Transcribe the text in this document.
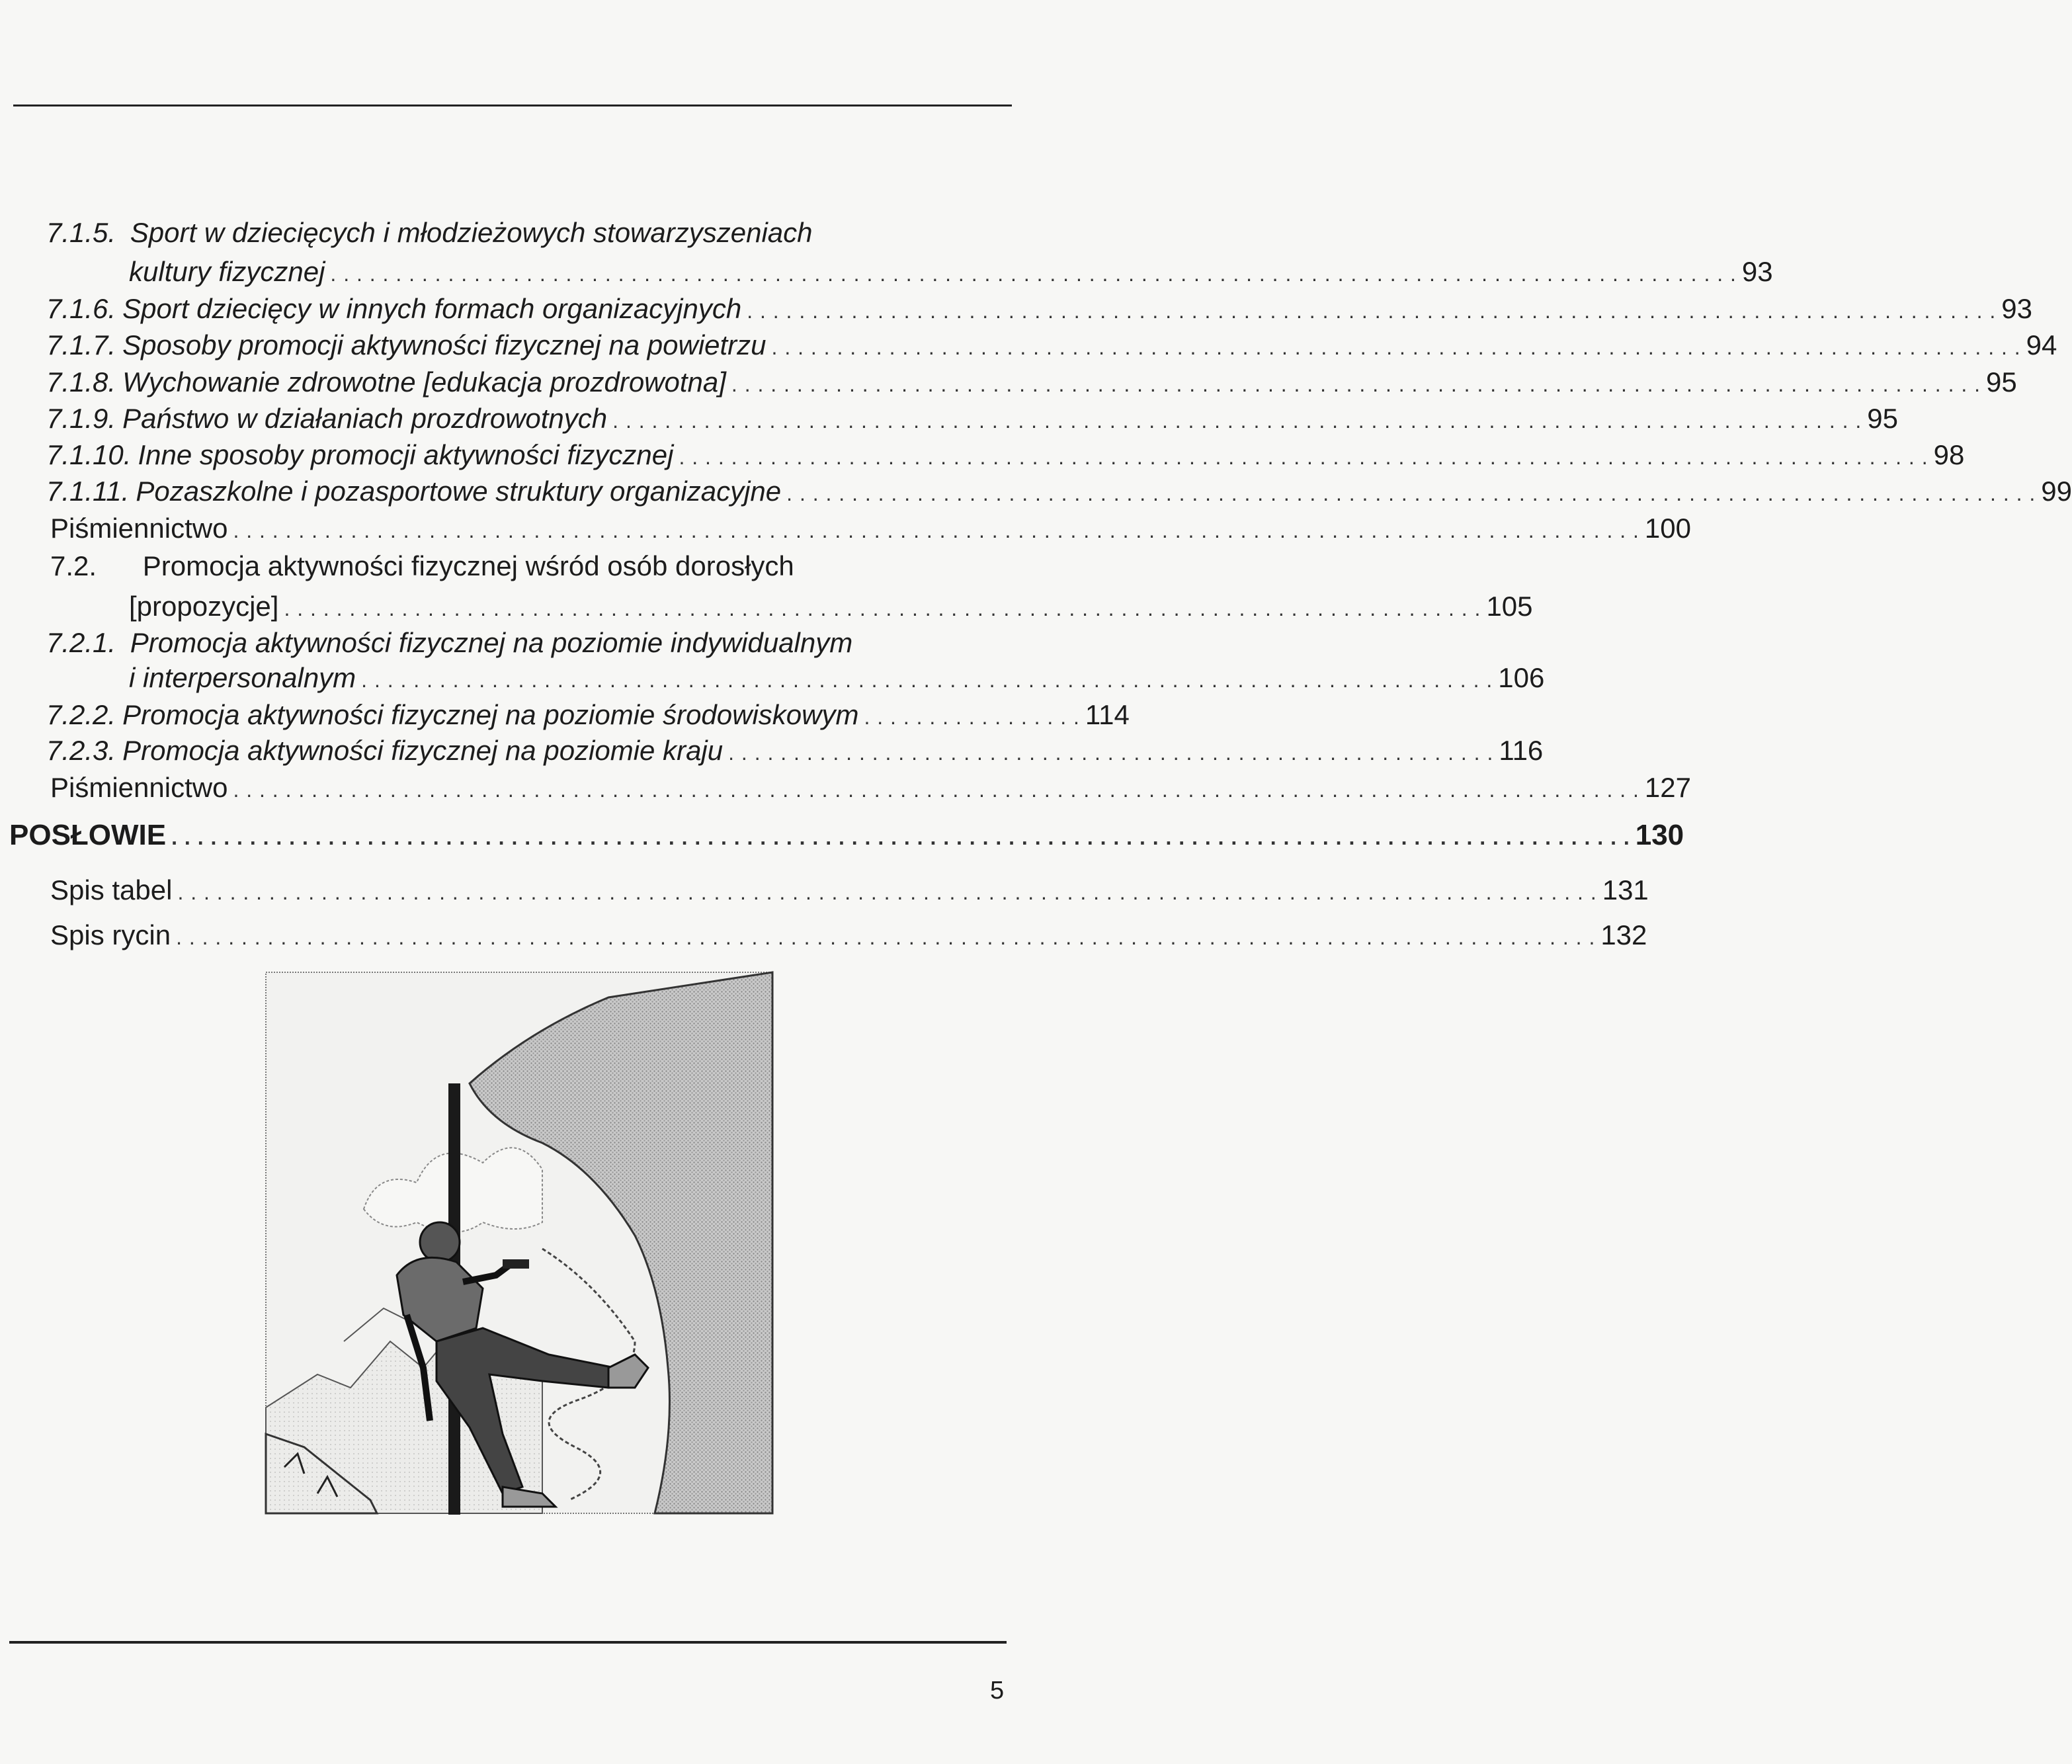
7.1.5. Sport w dziecięcych i młodzieżowych stowarzyszeniach
kultury fizycznej . . . . . . . . . . . . . . . . . . . . . . . . . . . . . . . . . . . . . . . . . . . . . . . . . . . . . . . . . . . . . . . . . . . . . . . . . . . . . . . . . . . . . . . . . . . . . . . . . . . . . . . . . . . . 93
7.1.6. Sport dziecięcy w innych formach organizacyjnych . . . . . . . . . . . . . . . . . . . . . . . . . . . . . . . . . . . . . . . . . . . . . . . . . . . . . . . . . . . . . . . . . . . . . . . . . . . . . . . . . . . . . . . . . . . . . . . . 93
7.1.7. Sposoby promocji aktywności fizycznej na powietrzu . . . . . . . . . . . . . . . . . . . . . . . . . . . . . . . . . . . . . . . . . . . . . . . . . . . . . . . . . . . . . . . . . . . . . . . . . . . . . . . . . . . . . . . . . . . . . . . . 94
7.1.8. Wychowanie zdrowotne [edukacja prozdrowotna] . . . . . . . . . . . . . . . . . . . . . . . . . . . . . . . . . . . . . . . . . . . . . . . . . . . . . . . . . . . . . . . . . . . . . . . . . . . . . . . . . . . . . . . . . . . . . . . . 95
7.1.9. Państwo w działaniach prozdrowotnych . . . . . . . . . . . . . . . . . . . . . . . . . . . . . . . . . . . . . . . . . . . . . . . . . . . . . . . . . . . . . . . . . . . . . . . . . . . . . . . . . . . . . . . . . . . . . . . . 95
7.1.10. Inne sposoby promocji aktywności fizycznej . . . . . . . . . . . . . . . . . . . . . . . . . . . . . . . . . . . . . . . . . . . . . . . . . . . . . . . . . . . . . . . . . . . . . . . . . . . . . . . . . . . . . . . . . . . . . . . . 98
7.1.11. Pozaszkolne i pozasportowe struktury organizacyjne . . . . . . . . . . . . . . . . . . . . . . . . . . . . . . . . . . . . . . . . . . . . . . . . . . . . . . . . . . . . . . . . . . . . . . . . . . . . . . . . . . . . . . . . . . . . . . . . 99
Piśmiennictwo . . . . . . . . . . . . . . . . . . . . . . . . . . . . . . . . . . . . . . . . . . . . . . . . . . . . . . . . . . . . . . . . . . . . . . . . . . . . . . . . . . . . . . . . . . . . . . . . . . . . . . . . . . . . 100
7.2. Promocja aktywności fizycznej wśród osób dorosłych
[propozycje] . . . . . . . . . . . . . . . . . . . . . . . . . . . . . . . . . . . . . . . . . . . . . . . . . . . . . . . . . . . . . . . . . . . . . . . . . . . . . . . . . . . . . . . . . . . . 105
7.2.1. Promocja aktywności fizycznej na poziomie indywidualnym
i interpersonalnym . . . . . . . . . . . . . . . . . . . . . . . . . . . . . . . . . . . . . . . . . . . . . . . . . . . . . . . . . . . . . . . . . . . . . . . . . . . . . . . . . . . . . . . 106
7.2.2. Promocja aktywności fizycznej na poziomie środowiskowym . . . . . . . . . . . . . . . . . 114
7.2.3. Promocja aktywności fizycznej na poziomie kraju . . . . . . . . . . . . . . . . . . . . . . . . . . . . . . . . . . . . . . . . . . . . . . . . . . . . . . . . . . . 116
Piśmiennictwo . . . . . . . . . . . . . . . . . . . . . . . . . . . . . . . . . . . . . . . . . . . . . . . . . . . . . . . . . . . . . . . . . . . . . . . . . . . . . . . . . . . . . . . . . . . . . . . . . . . . . . . . . . . . 127
POSŁOWIE . . . . . . . . . . . . . . . . . . . . . . . . . . . . . . . . . . . . . . . . . . . . . . . . . . . . . . . . . . . . . . . . . . . . . . . . . . . . . . . . . . . . . . . . . . . . . . . . . . . . . . . . . . . . . . . . 130
Spis tabel . . . . . . . . . . . . . . . . . . . . . . . . . . . . . . . . . . . . . . . . . . . . . . . . . . . . . . . . . . . . . . . . . . . . . . . . . . . . . . . . . . . . . . . . . . . . . . . . . . . . . . . . . . . . . 131
Spis rycin . . . . . . . . . . . . . . . . . . . . . . . . . . . . . . . . . . . . . . . . . . . . . . . . . . . . . . . . . . . . . . . . . . . . . . . . . . . . . . . . . . . . . . . . . . . . . . . . . . . . . . . . . . . . . 132
5
